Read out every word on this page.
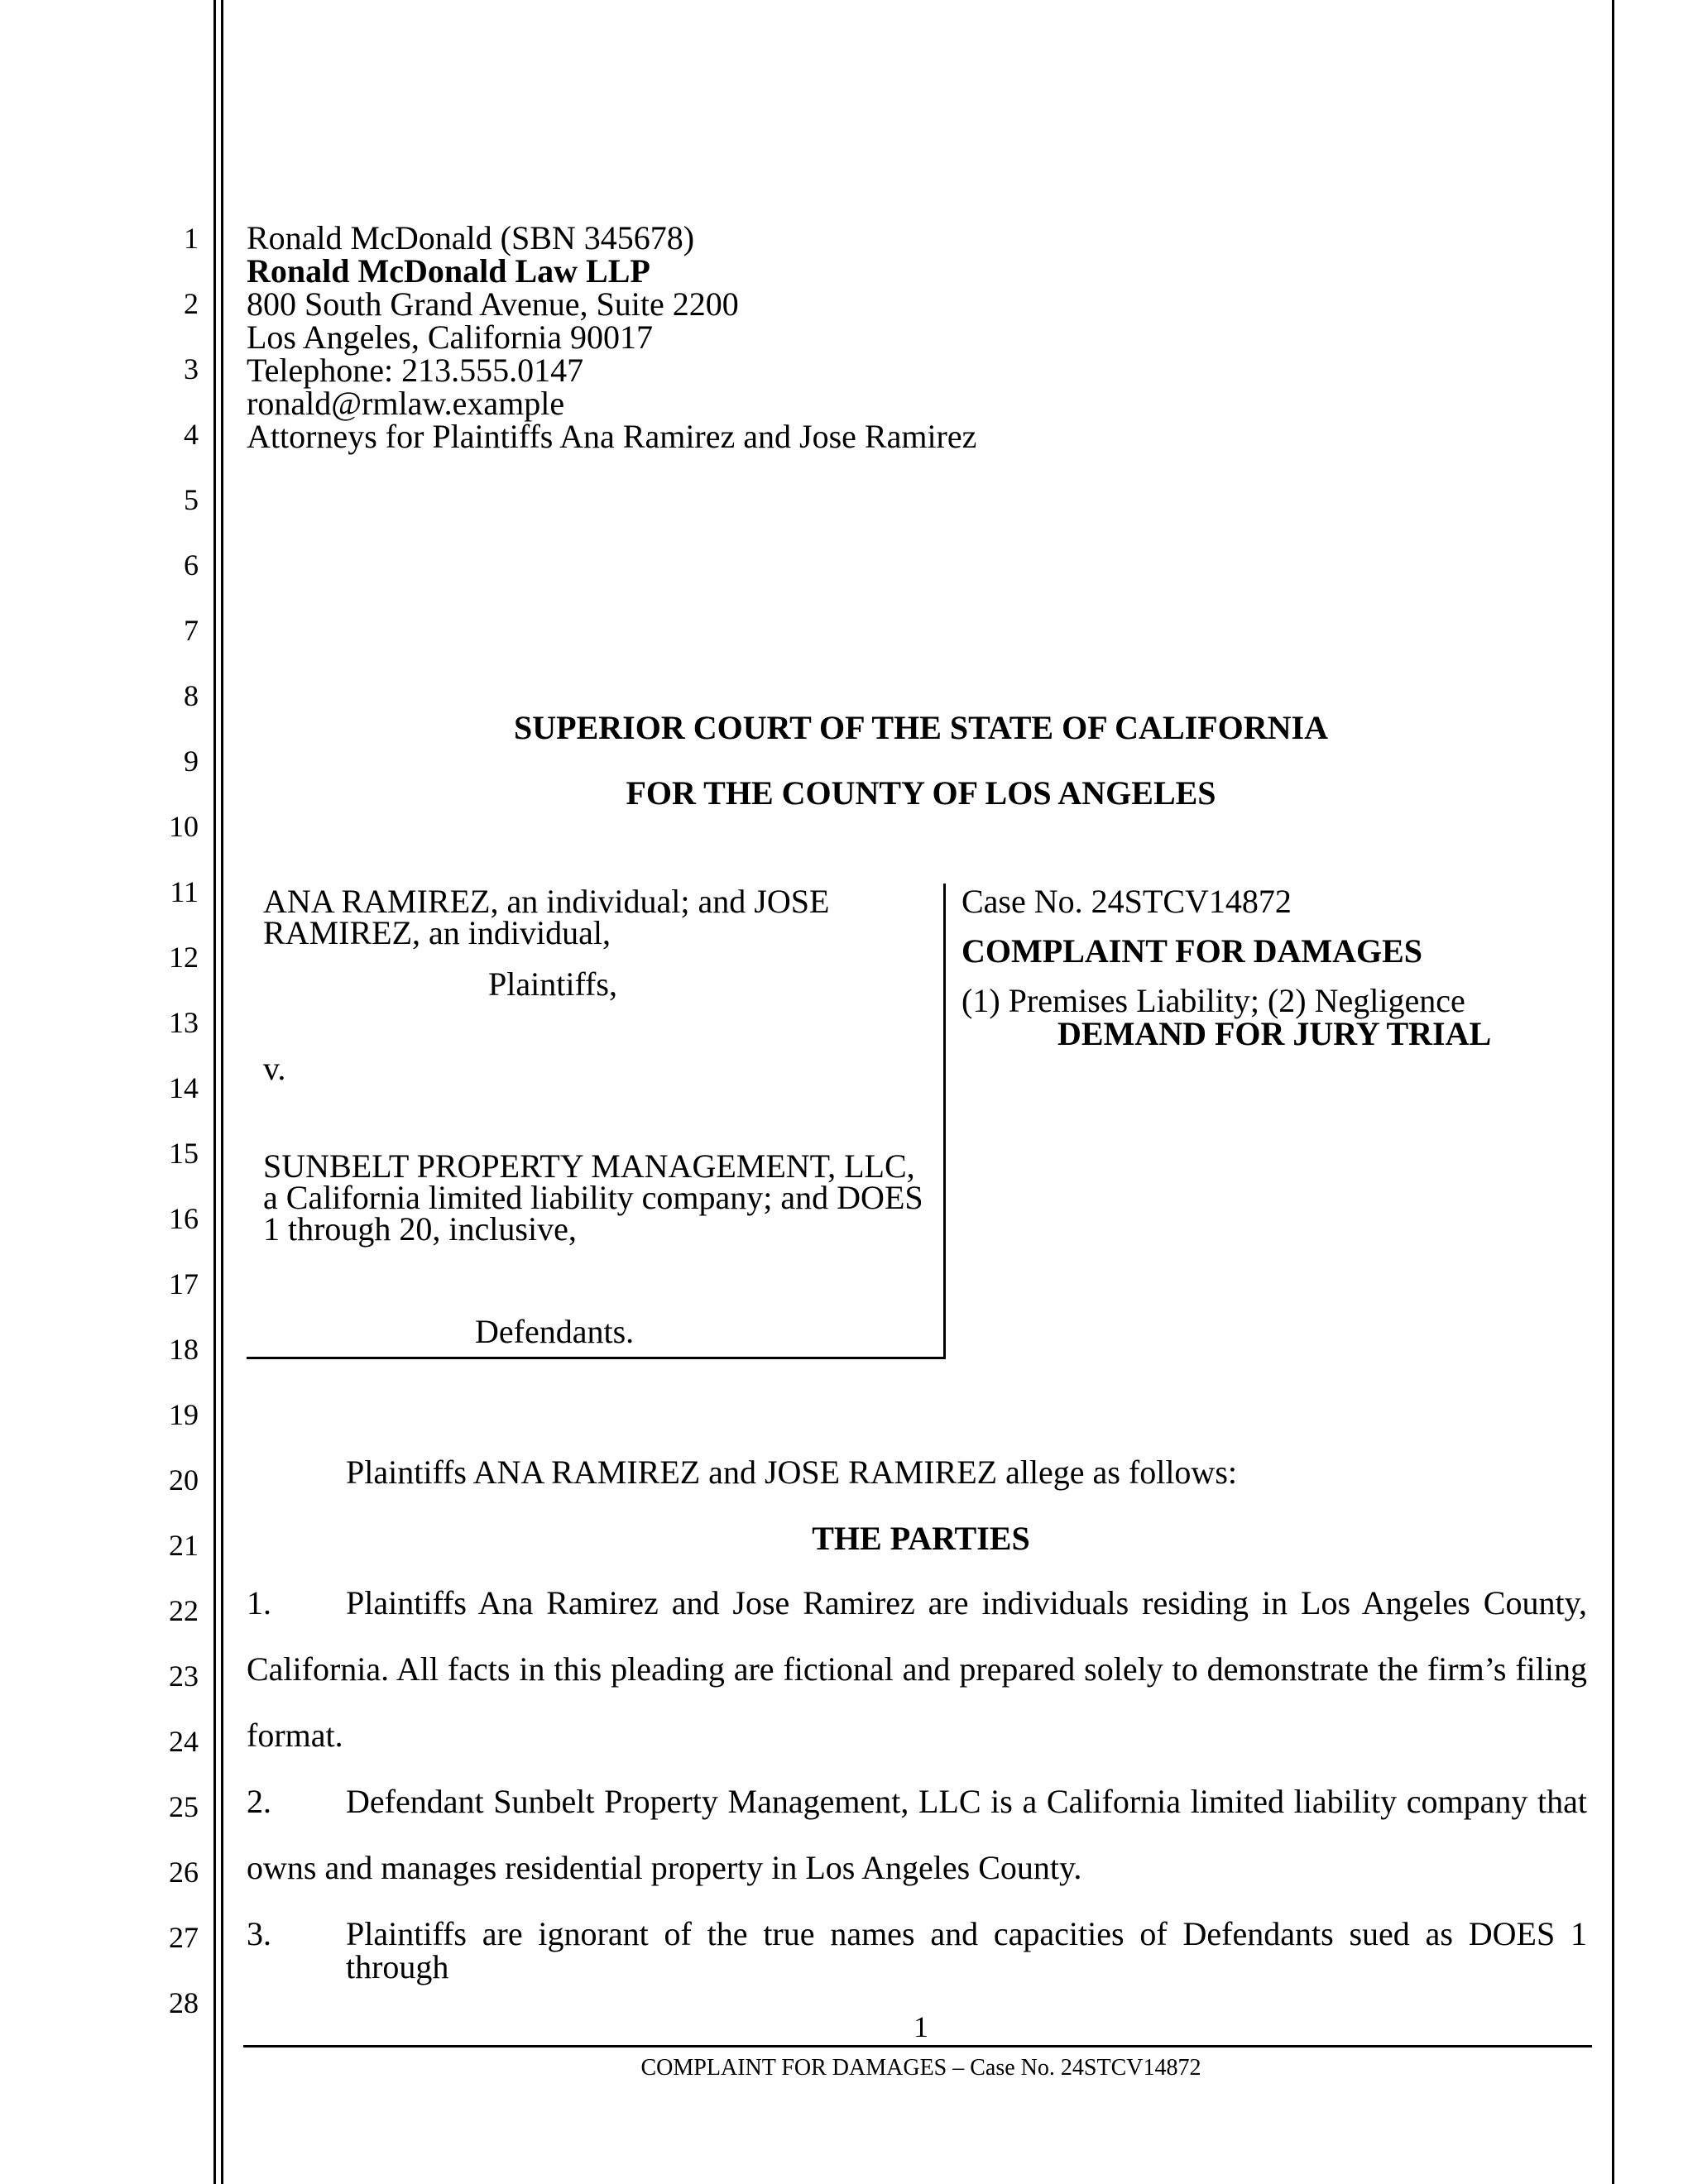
1
2
3
4
5
6
7
8
9
10
11
12
13
14
15
16
17
18
19
20
21
22
23
24
25
26
27
28
Ronald McDonald (SBN 345678)
Ronald McDonald Law LLP
800 South Grand Avenue, Suite 2200
Los Angeles, California 90017
Telephone: 213.555.0147
ronald@rmlaw.example
Attorneys for Plaintiffs Ana Ramirez and Jose Ramirez
SUPERIOR COURT OF THE STATE OF CALIFORNIA
FOR THE COUNTY OF LOS ANGELES
ANA RAMIREZ, an individual; and JOSE
RAMIREZ, an individual,
Plaintiffs,
v.
SUNBELT PROPERTY MANAGEMENT, LLC,
a California limited liability company; and DOES
1 through 20, inclusive,
Defendants.
Case No. 24STCV14872
COMPLAINT FOR DAMAGES
(1) Premises Liability; (2) Negligence
DEMAND FOR JURY TRIAL
Plaintiffs ANA RAMIREZ and JOSE RAMIREZ allege as follows:
THE PARTIES
1. Plaintiffs Ana Ramirez and Jose Ramirez are individuals residing in Los Angeles County,
California. All facts in this pleading are fictional and prepared solely to demonstrate the firm’s filing
format.
2. Defendant Sunbelt Property Management, LLC is a California limited liability company that
owns and manages residential property in Los Angeles County.
3. Plaintiffs are ignorant of the true names and capacities of Defendants sued as DOES 1 through
1
COMPLAINT FOR DAMAGES – Case No. 24STCV14872
